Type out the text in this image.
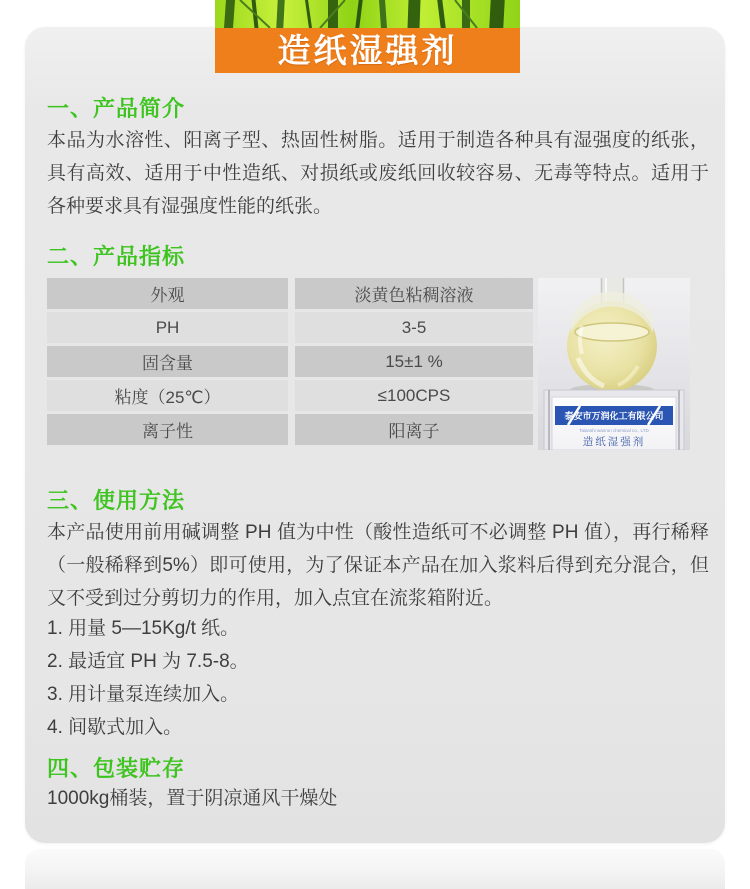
造纸湿强剂
一、产品简介
本品为水溶性、阳离子型、热固性树脂。适用于制造各种具有湿强度的纸张，具有高效、适用于中性造纸、对损纸或废纸回收较容易、无毒等特点。适用于各种要求具有湿强度性能的纸张。
二、产品指标
外观	淡黄色粘稠溶液
PH	3-5
固含量	15±1 %
粘度（25℃）	≤100CPS
离子性	阳离子
泰安市万润化工有限公司
Taianshi wanrun chemical co., LTD
造纸湿强剂
三、使用方法
本产品使用前用碱调整 PH 值为中性（酸性造纸可不必调整 PH 值），再行稀释（一般稀释到5%）即可使用，为了保证本产品在加入浆料后得到充分混合，但又不受到过分剪切力的作用，加入点宜在流浆箱附近。
1. 用量 5—15Kg/t 纸。
2. 最适宜 PH 为 7.5-8。
3. 用计量泵连续加入。
4. 间歇式加入。
四、包装贮存
1000kg桶装，置于阴凉通风干燥处
